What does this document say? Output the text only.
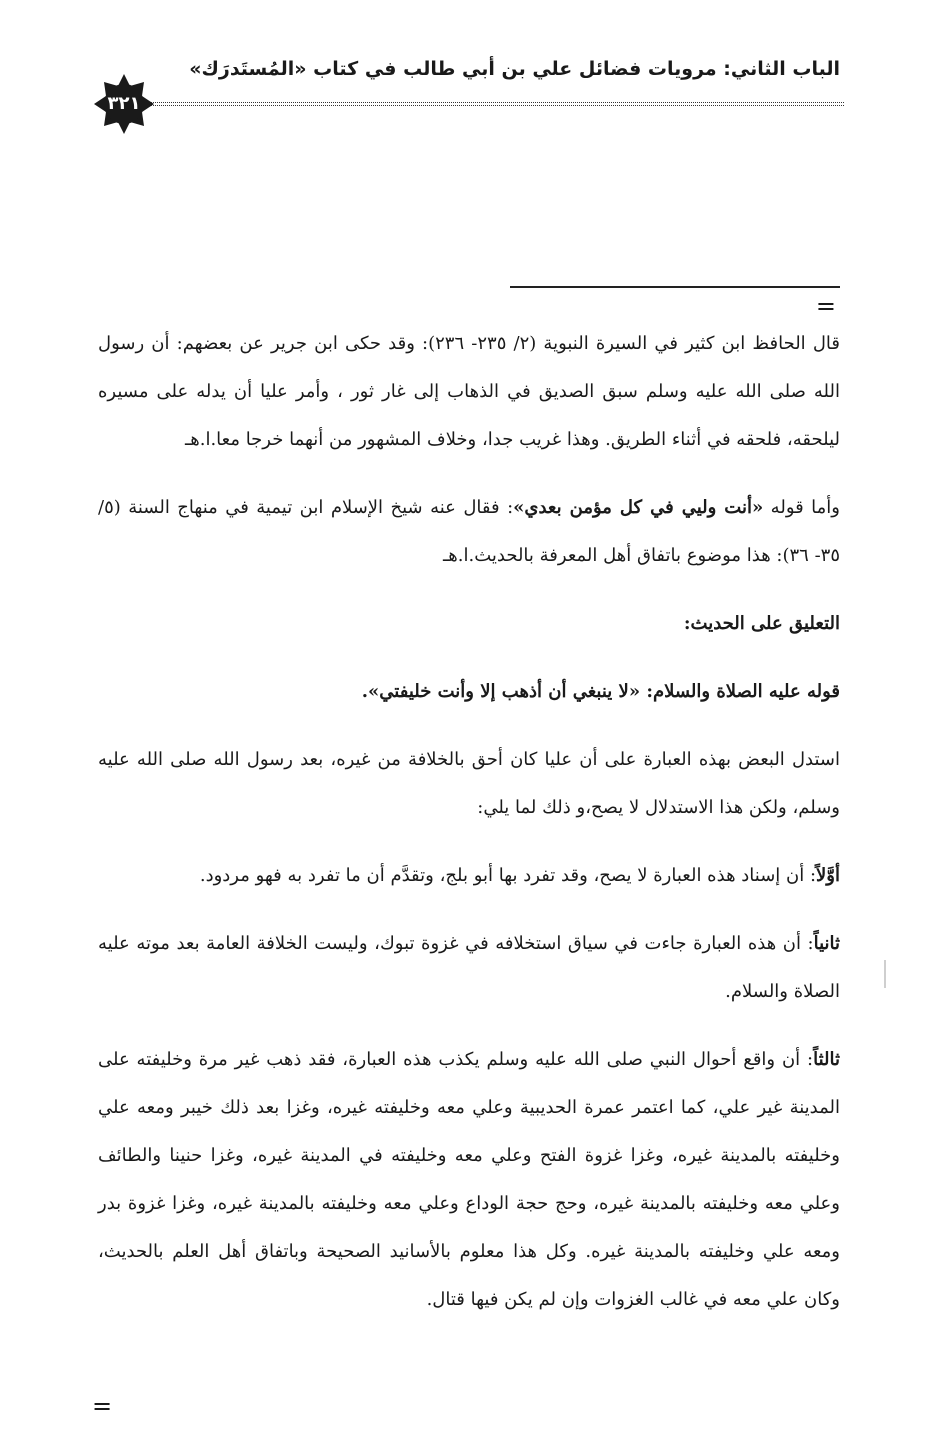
الباب الثاني: مرويات فضائل علي بن أبي طالب في كتاب «المُستَدرَك»
٣٢١
=

قال الحافظ ابن كثير في السيرة النبوية (٢/ ٢٣٥- ٢٣٦): وقد حكى ابن جرير عن بعضهم: أن رسول الله صلى الله عليه وسلم سبق الصديق في الذهاب إلى غار ثور ، وأمر عليا أن يدله على مسيره ليلحقه، فلحقه في أثناء الطريق. وهذا غريب جدا، وخلاف المشهور من أنهما خرجا معا.ا.هـ

وأما قوله «أنت وليي في كل مؤمن بعدي»: فقال عنه شيخ الإسلام ابن تيمية في منهاج السنة (٥/ ٣٥- ٣٦): هذا موضوع باتفاق أهل المعرفة بالحديث.ا.هـ

التعليق على الحديث:

قوله عليه الصلاة والسلام: «لا ينبغي أن أذهب إلا وأنت خليفتي».

استدل البعض بهذه العبارة على أن عليا كان أحق بالخلافة من غيره، بعد رسول الله صلى الله عليه وسلم، ولكن هذا الاستدلال لا يصح،و ذلك لما يلي:

أوَّلاً: أن إسناد هذه العبارة لا يصح، وقد تفرد بها أبو بلج، وتقدَّم أن ما تفرد به فهو مردود.

ثانياً: أن هذه العبارة جاءت في سياق استخلافه في غزوة تبوك، وليست الخلافة العامة بعد موته عليه الصلاة والسلام.

ثالثاً: أن واقع أحوال النبي صلى الله عليه وسلم يكذب هذه العبارة، فقد ذهب غير مرة وخليفته على المدينة غير علي، كما اعتمر عمرة الحديبية وعلي معه وخليفته غيره، وغزا بعد ذلك خيبر ومعه علي وخليفته بالمدينة غيره، وغزا غزوة الفتح وعلي معه وخليفته في المدينة غيره، وغزا حنينا والطائف وعلي معه وخليفته بالمدينة غيره، وحج حجة الوداع وعلي معه وخليفته بالمدينة غيره، وغزا غزوة بدر ومعه علي وخليفته بالمدينة غيره. وكل هذا معلوم بالأسانيد الصحيحة وباتفاق أهل العلم بالحديث، وكان علي معه في غالب الغزوات وإن لم يكن فيها قتال.

=
